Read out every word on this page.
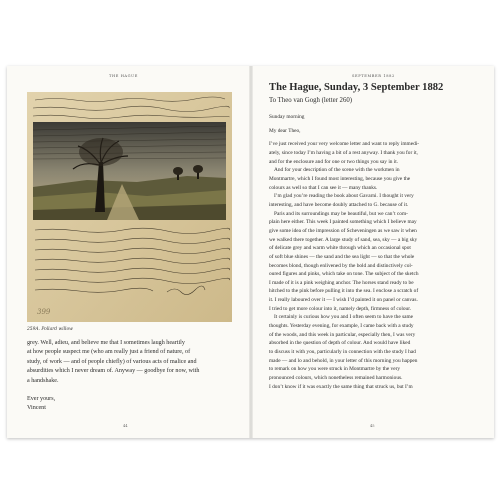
THE HAGUE
399
259A. Pollard willow

grey. Well, adieu, and believe me that I sometimes laugh heartily

at how people suspect me (who am really just a friend of nature, of

study, of work — and of people chiefly) of various acts of malice and

absurdities which I never dream of. Anyway — goodbye for now, with

a handshake.

Ever yours,

Vincent

44
SEPTEMBER 1882
The Hague, Sunday, 3 September 1882
To Theo van Gogh (letter 260)
Sunday morning
My dear Theo,

I’ve just received your very welcome letter and want to reply immedi-

ately, since today I’m having a bit of a rest anyway. I thank you for it,

and for the enclosure and for one or two things you say in it.

And for your description of the scene with the workmen in

Montmartre, which I found most interesting, because you give the

colours as well so that I can see it — many thanks.

I’m glad you’re reading the book about Gavarni. I thought it very

interesting, and have become doubly attached to G. because of it.

Paris and its surroundings may be beautiful, but we can’t com-

plain here either. This week I painted something which I believe may

give some idea of the impression of Scheveningen as we saw it when

we walked there together. A large study of sand, sea, sky — a big sky

of delicate grey and warm white through which an occasional spot

of soft blue shines — the sand and the sea light — so that the whole

becomes blond, though enlivened by the bold and distinctively col-

oured figures and pinks, which take on tone. The subject of the sketch

I made of it is a pink weighing anchor. The horses stand ready to be

hitched to the pink before pulling it into the sea. I enclose a scratch of

it. I really laboured over it — I wish I’d painted it on panel or canvas.

I tried to get more colour into it, namely depth, firmness of colour.

It certainly is curious how you and I often seem to have the same

thoughts. Yesterday evening, for example, I came back with a study

of the woods, and this week in particular, especially then, I was very

absorbed in the question of depth of colour. And would have liked

to discuss it with you, particularly in connection with the study I had

made — and lo and behold, in your letter of this morning you happen

to remark on how you were struck in Montmartre by the very

pronounced colours, which nonetheless remained harmonious.

I don’t know if it was exactly the same thing that struck us, but I’m

45
